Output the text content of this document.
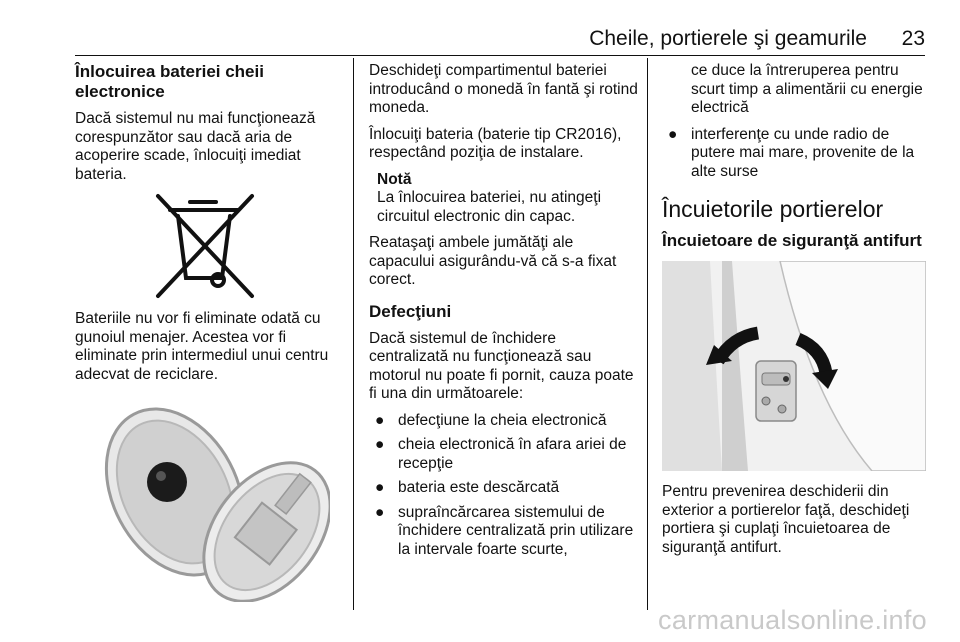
Cheile, portierele şi geamurile 23
Înlocuirea bateriei cheii electronice

Dacă sistemul nu mai funcţionează corespunzător sau dacă aria de acoperire scade, înlocuiţi imediat bateria.

Bateriile nu vor fi eliminate odată cu gunoiul menajer. Acestea vor fi eliminate prin intermediul unui centru adecvat de reciclare.

Deschideţi compartimentul bateriei introducând o monedă în fantă şi rotind moneda.

Înlocuiţi bateria (baterie tip CR2016), respectând poziţia de instalare.

Notă
La înlocuirea bateriei, nu atingeţi circuitul electronic din capac.

Reataşaţi ambele jumătăţi ale capacului asigurându-vă că s-a fixat corect.

Defecţiuni

Dacă sistemul de închidere centralizată nu funcţionează sau motorul nu poate fi pornit, cauza poate fi una din următoarele:

● defecţiune la cheia electronică
● cheia electronică în afara ariei de recepţie
● bateria este descărcată
● supraîncărcarea sistemului de închidere centralizată prin utilizare la intervale foarte scurte,

ce duce la întreruperea pentru scurt timp a alimentării cu energie electrică

● interferenţe cu unde radio de putere mai mare, provenite de la alte surse
Încuietorile portierelor
Încuietoare de siguranţă antifurt

Pentru prevenirea deschiderii din exterior a portierelor faţă, deschideţi portiera şi cuplaţi încuietoarea de siguranţă antifurt.

carmanualsonline.info
